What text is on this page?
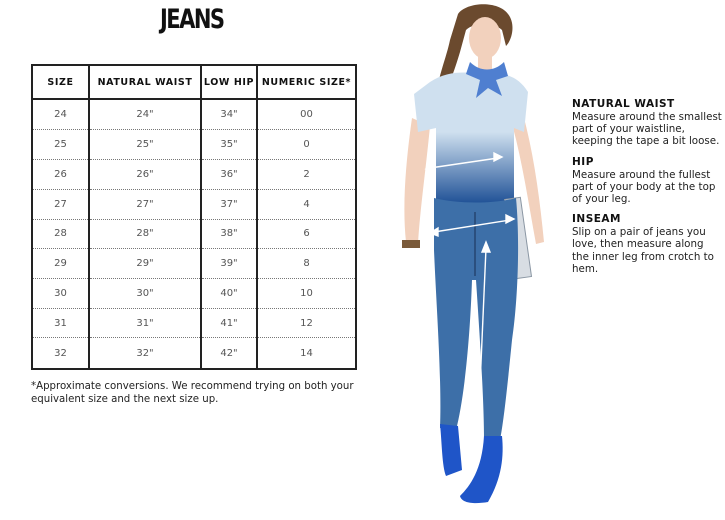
JEANS
SIZE	NATURAL WAIST	LOW HIP	NUMERIC SIZE*
24	24"	34"	00
25	25"	35"	0
26	26"	36"	2
27	27"	37"	4
28	28"	38"	6
29	29"	39"	8
30	30"	40"	10
31	31"	41"	12
32	32"	42"	14
*Approximate conversions. We recommend trying on both your equivalent size and the next size up.
NATURAL WAIST
Measure around the smallest part of your waistline, keeping the tape a bit loose.
HIP
Measure around the fullest part of your body at the top of your leg.
INSEAM
Slip on a pair of jeans you love, then measure along the inner leg from crotch to hem.
